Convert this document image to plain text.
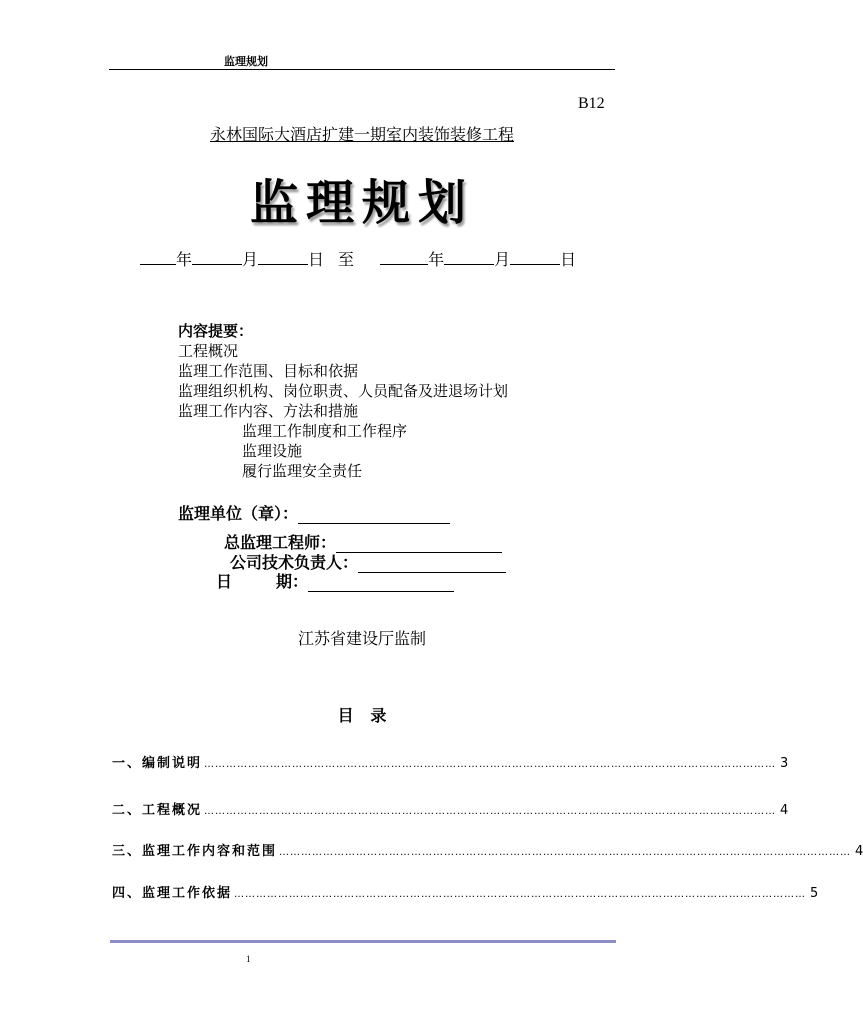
监理规划
B12
永林国际大酒店扩建一期室内装饰装修工程
监理规划
年	月	日 至	年	月	日
内容提要：
工程概况
监理工作范围、目标和依据
监理组织机构、岗位职责、人员配备及进退场计划
监理工作内容、方法和措施
监理工作制度和工作程序
监理设施
履行监理安全责任
监理单位（章）：
总监理工程师：
公司技术负责人：
日	期：
江苏省建设厅监制
目   录
一、编制说明 ………………………………………………………………………………………………………………………………………… 3
二、工程概况 ………………………………………………………………………………………………………………………………………… 4
三、监理工作内容和范围 ………………………………………………………………………………………………………………………………………… 4
四、监理工作依据 ………………………………………………………………………………………………………………………………………… 5
1
